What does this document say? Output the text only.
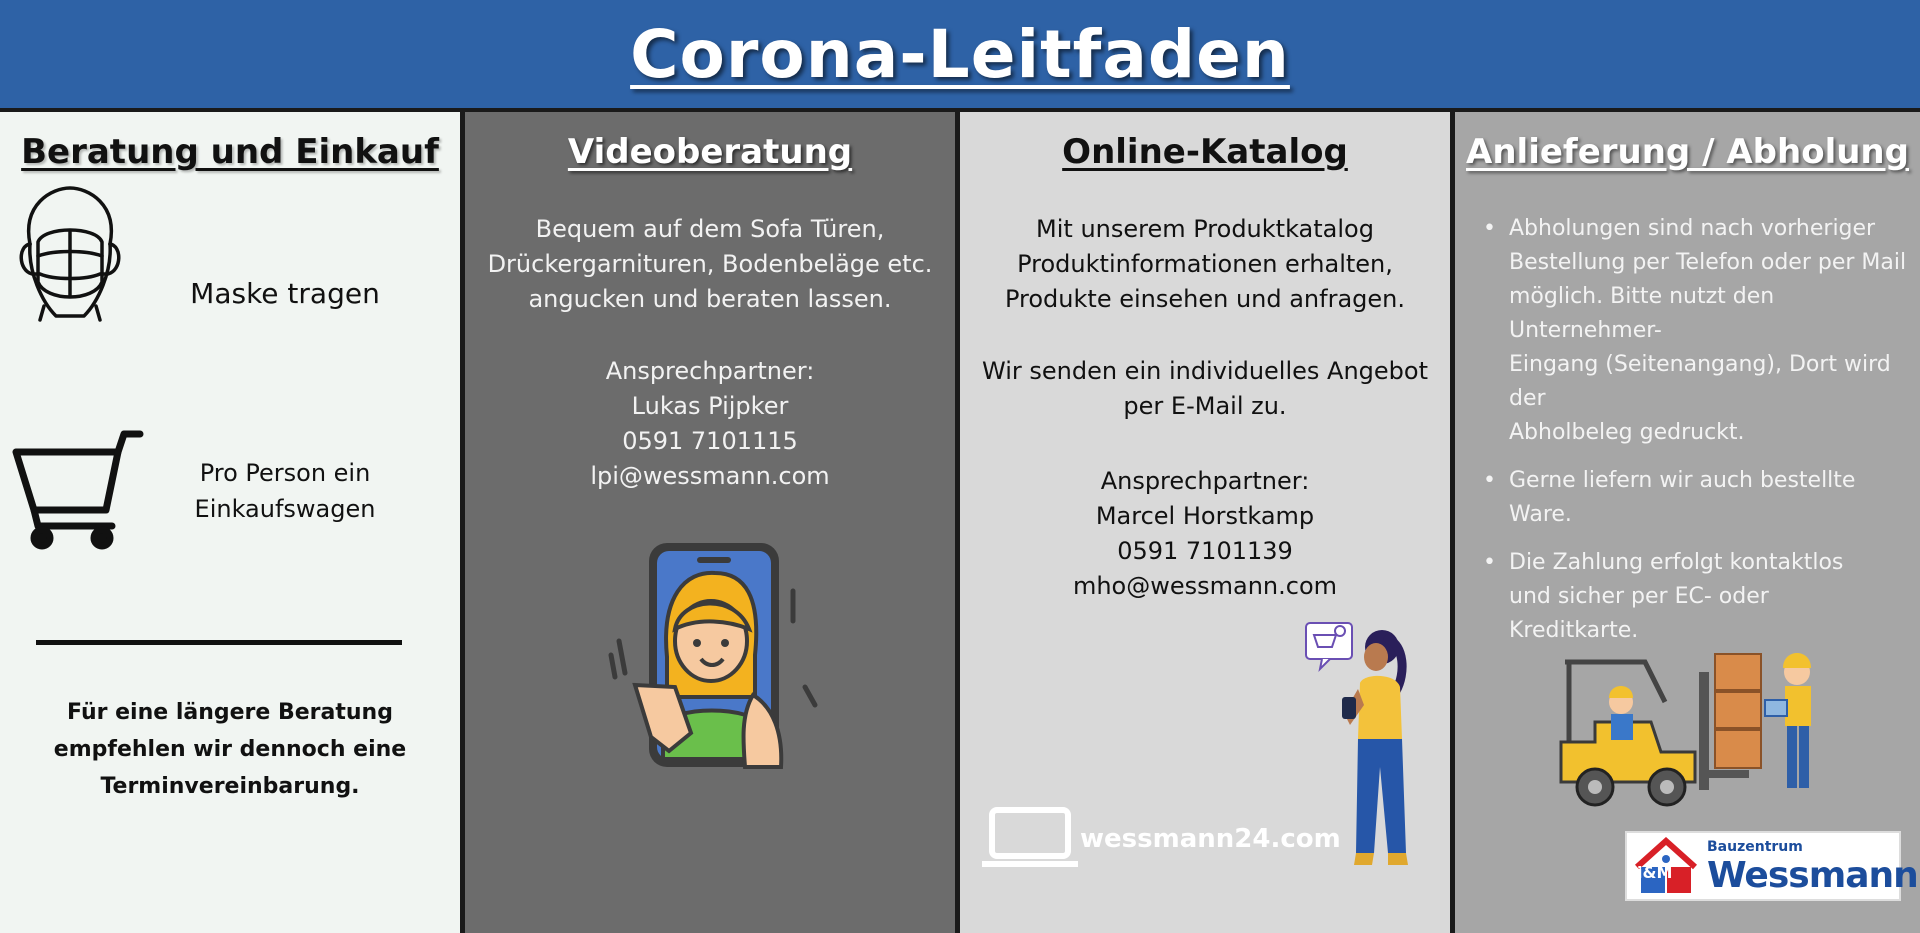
Corona-Leitfaden
Beratung und Einkauf
Maske tragen
Pro Person ein
Einkaufswagen
Für eine längere Beratung
empfehlen wir dennoch eine
Terminvereinbarung.
Videoberatung
Bequem auf dem Sofa Türen,
Drückergarnituren, Bodenbeläge etc.
angucken und beraten lassen.
Ansprechpartner:
Lukas Pijpker
0591 7101115
lpi@wessmann.com
Online-Katalog
Mit unserem Produktkatalog
Produktinformationen erhalten,
Produkte einsehen und anfragen.
Wir senden ein individuelles Angebot
per E-Mail zu.
Ansprechpartner:
Marcel Horstkamp
0591 7101139
mho@wessmann.com
wessmann24.com
Anlieferung / Abholung
• Abholungen sind nach vorheriger
Bestellung per Telefon oder per Mail
möglich. Bitte nutzt den Unternehmer-
Eingang (Seitenangang), Dort wird der
Abholbeleg gedruckt.
• Gerne liefern wir auch bestellte
Ware.
• Die Zahlung erfolgt kontaktlos
und sicher per EC- oder
Kreditkarte.
i&M
Bauzentrum
Wessmann
